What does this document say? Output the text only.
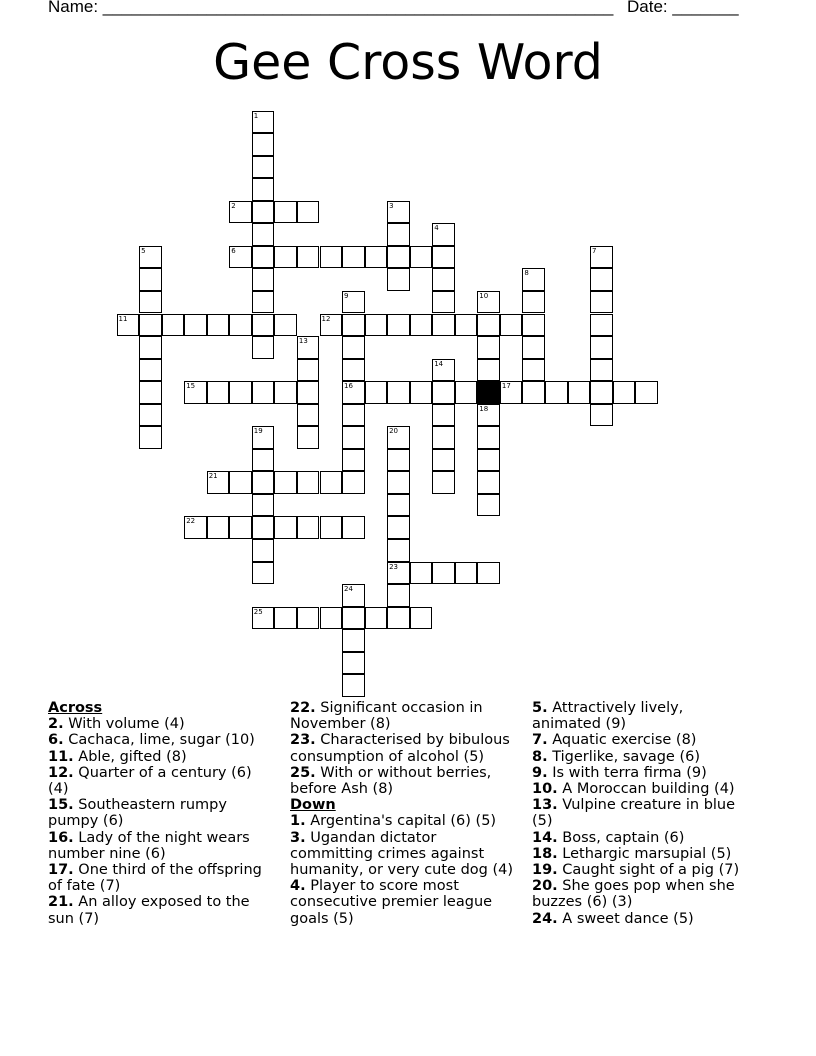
Name: ______________________________________________________ Date: _______
Gee Cross Word
1
2	3
4
5	6	7
8
9
16
10
11	12
13
14
15	17
18
19	20
23
21
22
24
25
Across
2. With volume (4)
6. Cachaca, lime, sugar (10)
11. Able, gifted (8)
12. Quarter of a century (6) (4)
15. Southeastern rumpy pumpy (6)
16. Lady of the night wears number nine (6)
17. One third of the offspring of fate (7)
21. An alloy exposed to the sun (7)
22. Significant occasion in November (8)
23. Characterised by bibulous consumption of alcohol (5)
25. With or without berries, before Ash (8)
Down
1. Argentina's capital (6) (5)
3. Ugandan dictator committing crimes against humanity, or very cute dog (4)
4. Player to score most consecutive premier league goals (5)
5. Attractively lively, animated (9)
7. Aquatic exercise (8)
8. Tigerlike, savage (6)
9. Is with terra firma (9)
10. A Moroccan building (4)
13. Vulpine creature in blue (5)
14. Boss, captain (6)
18. Lethargic marsupial (5)
19. Caught sight of a pig (7)
20. She goes pop when she buzzes (6) (3)
24. A sweet dance (5)
